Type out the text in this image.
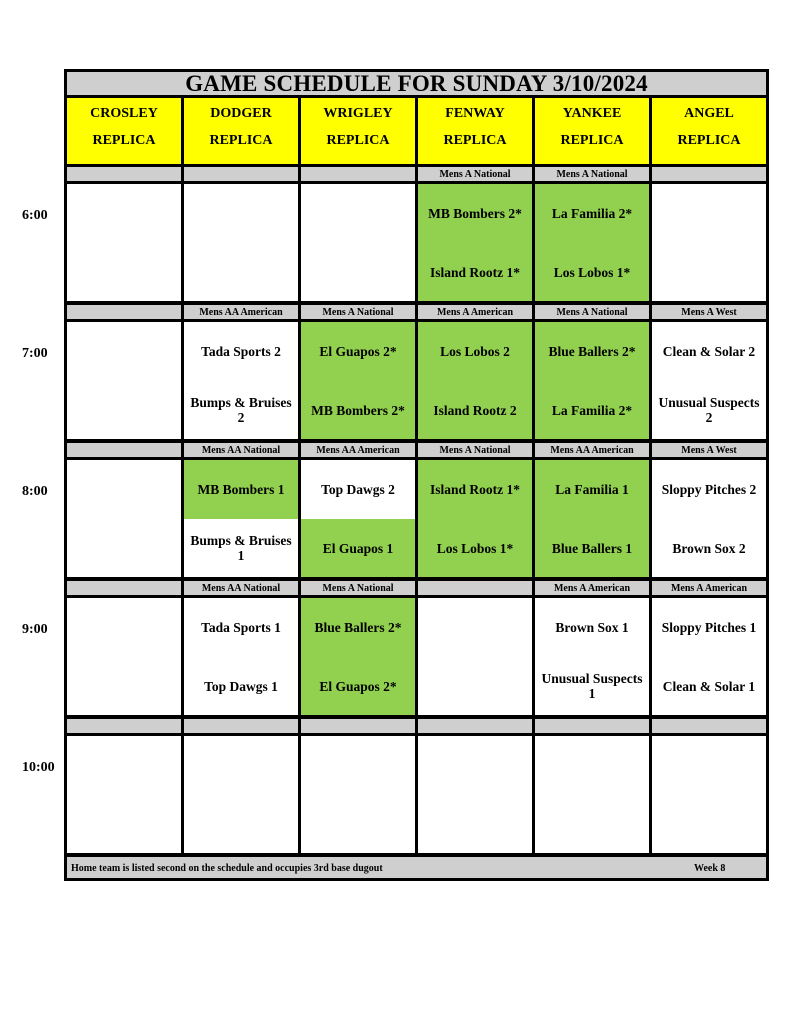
GAME SCHEDULE FOR SUNDAY 3/10/2024
CROSLEY
REPLICA
DODGER
REPLICA
WRIGLEY
REPLICA
FENWAY
REPLICA
YANKEE
REPLICA
ANGEL
REPLICA
Mens A National
MB Bombers 2*
Island Rootz 1*
Mens A National
La Familia 2*
Los Lobos 1*
Mens AA American
Tada Sports 2
Bumps & Bruises 2
Mens A National
El Guapos 2*
MB Bombers 2*
Mens A American
Los Lobos 2
Island Rootz 2
Mens A National
Blue Ballers 2*
La Familia 2*
Mens A West
Clean & Solar 2
Unusual Suspects 2
Mens AA National
MB Bombers 1
Bumps & Bruises 1
Mens AA American
Top Dawgs 2
El Guapos 1
Mens A National
Island Rootz 1*
Los Lobos 1*
Mens AA American
La Familia 1
Blue Ballers 1
Mens A West
Sloppy Pitches 2
Brown Sox 2
Mens AA National
Tada Sports 1
Top Dawgs 1
Mens A National
Blue Ballers 2*
El Guapos 2*
Mens A American
Brown Sox 1
Unusual Suspects 1
Mens A American
Sloppy Pitches 1
Clean & Solar 1
Home team is listed second on the schedule and occupies 3rd base dugout	Week 8
6:00
7:00
8:00
9:00
10:00
